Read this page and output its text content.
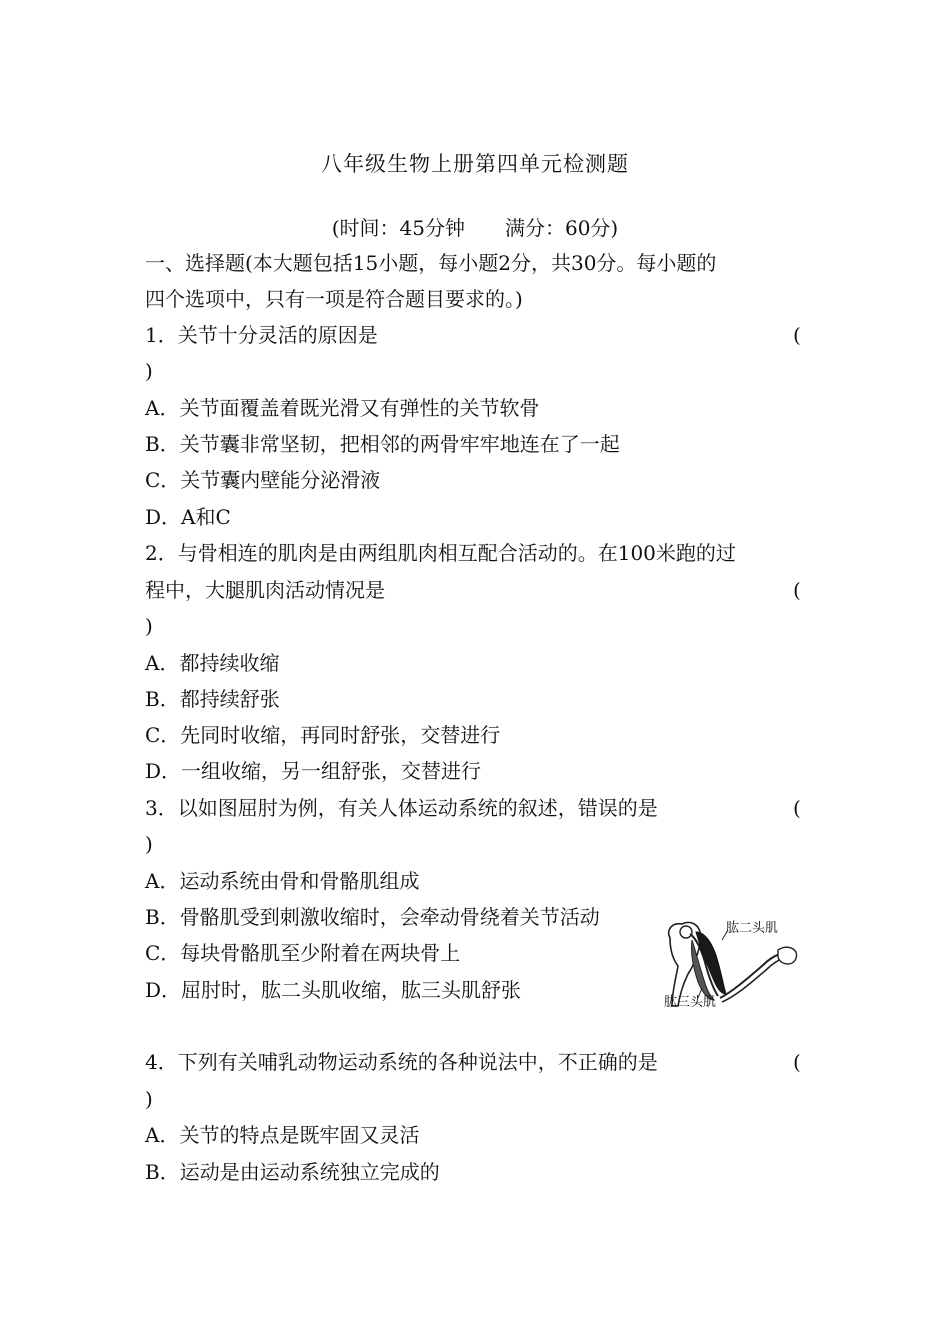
八年级生物上册第四单元检测题
(时间：45分钟　　满分：60分)
一、选择题(本大题包括15小题，每小题2分，共30分。每小题的
四个选项中，只有一项是符合题目要求的。)
1．关节十分灵活的原因是	(
)
A．关节面覆盖着既光滑又有弹性的关节软骨
B．关节囊非常坚韧，把相邻的两骨牢牢地连在了一起
C．关节囊内壁能分泌滑液
D．A和C
2．与骨相连的肌肉是由两组肌肉相互配合活动的。在100米跑的过
程中，大腿肌肉活动情况是	(
)
A．都持续收缩
B．都持续舒张
C．先同时收缩，再同时舒张，交替进行
D．一组收缩，另一组舒张，交替进行
3．以如图屈肘为例，有关人体运动系统的叙述，错误的是	(
)
A．运动系统由骨和骨骼肌组成
B．骨骼肌受到刺激收缩时，会牵动骨绕着关节活动
C．每块骨骼肌至少附着在两块骨上
D．屈肘时，肱二头肌收缩，肱三头肌舒张
肱二头肌
肱三头肌
4．下列有关哺乳动物运动系统的各种说法中，不正确的是	(
)
A．关节的特点是既牢固又灵活
B．运动是由运动系统独立完成的
